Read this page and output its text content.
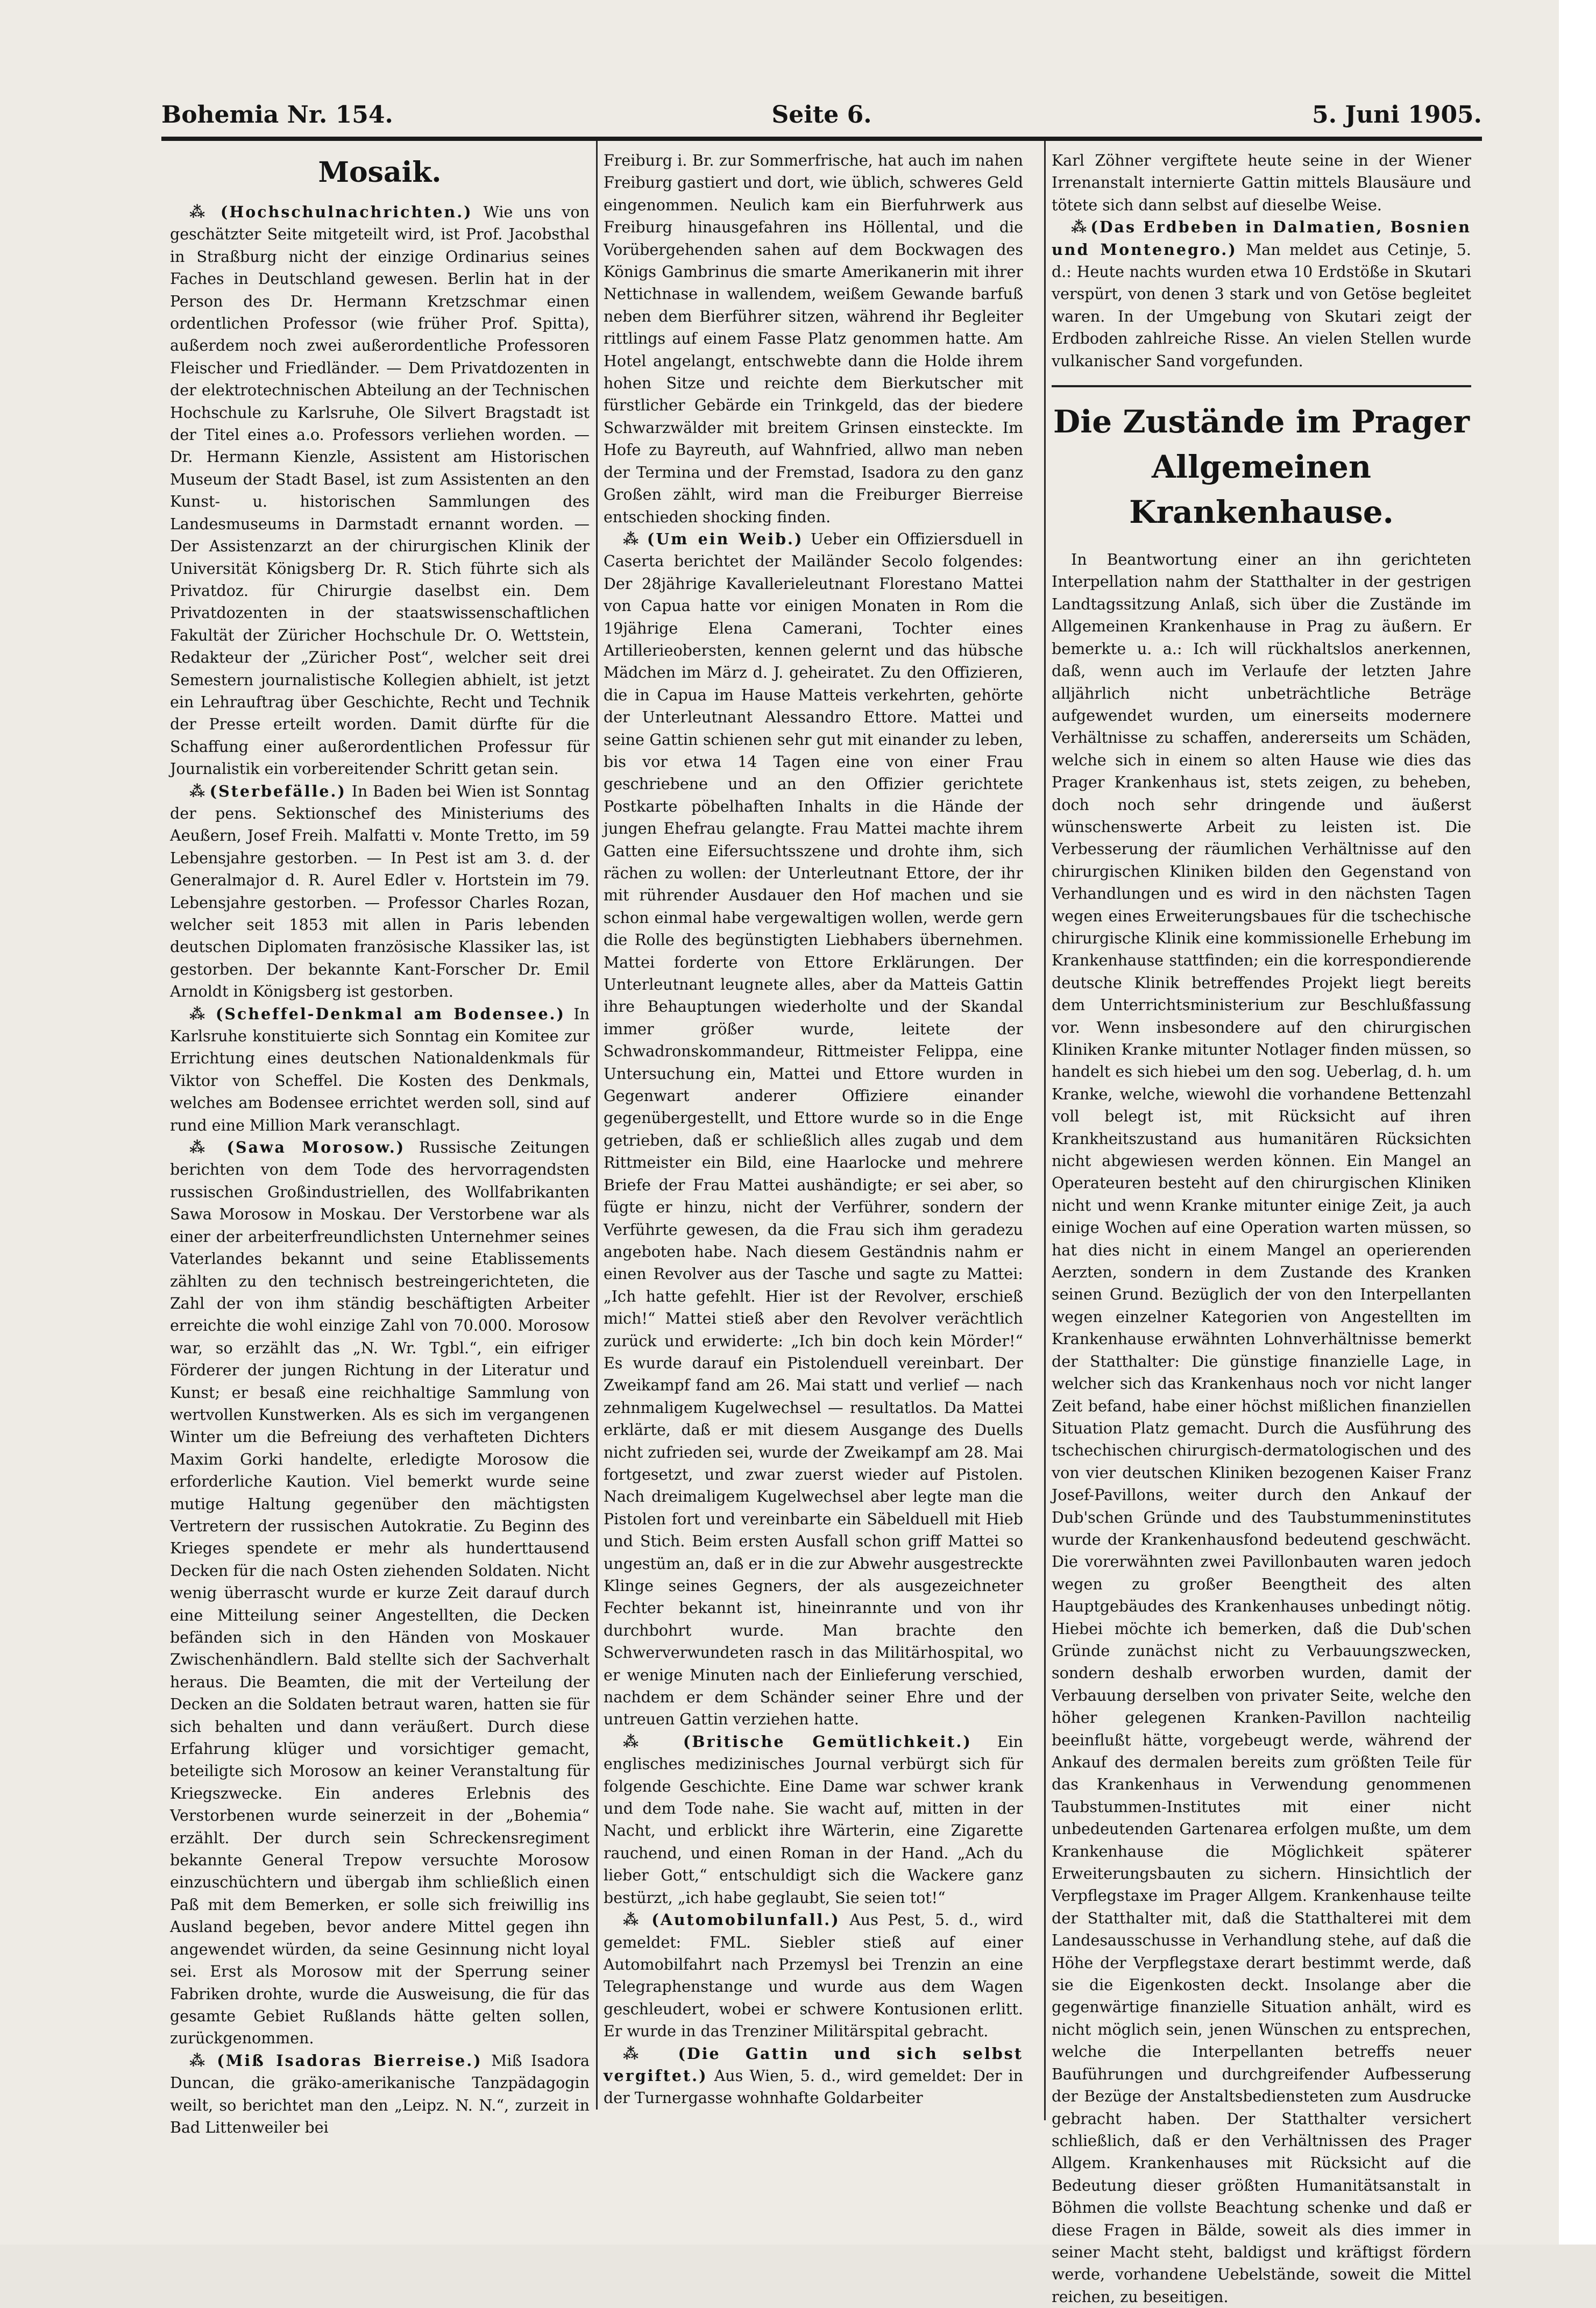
Bohemia Nr. 154.	Seite 6.	5. Juni 1905.
Mosaik.

⁂ (Hochschulnachrichten.) Wie uns von geschätzter Seite mitgeteilt wird, ist Prof. Jacobsthal in Straßburg nicht der einzige Ordinarius seines Faches in Deutschland gewesen. Berlin hat in der Person des Dr. Hermann Kretzschmar einen ordentlichen Professor (wie früher Prof. Spitta), außerdem noch zwei außerordentliche Professoren Fleischer und Friedländer. — Dem Privatdozenten in der elektrotechnischen Abteilung an der Technischen Hochschule zu Karlsruhe, Ole Silvert Bragstadt ist der Titel eines a.o. Professors verliehen worden. — Dr. Hermann Kienzle, Assistent am Historischen Museum der Stadt Basel, ist zum Assistenten an den Kunst- u. historischen Sammlungen des Landesmuseums in Darmstadt ernannt worden. — Der Assistenzarzt an der chirurgischen Klinik der Universität Königsberg Dr. R. Stich führte sich als Privatdoz. für Chirurgie daselbst ein. Dem Privatdozenten in der staatswissenschaftlichen Fakultät der Züricher Hochschule Dr. O. Wettstein, Redakteur der „Züricher Post“, welcher seit drei Semestern journalistische Kollegien abhielt, ist jetzt ein Lehrauftrag über Geschichte, Recht und Technik der Presse erteilt worden. Damit dürfte für die Schaffung einer außerordentlichen Professur für Journalistik ein vorbereitender Schritt getan sein.

⁂ (Sterbefälle.) In Baden bei Wien ist Sonntag der pens. Sektionschef des Ministeriums des Aeußern, Josef Freih. Malfatti v. Monte Tretto, im 59 Lebensjahre gestorben. — In Pest ist am 3. d. der Generalmajor d. R. Aurel Edler v. Hortstein im 79. Lebensjahre gestorben. — Professor Charles Rozan, welcher seit 1853 mit allen in Paris lebenden deutschen Diplomaten französische Klassiker las, ist gestorben. Der bekannte Kant-Forscher Dr. Emil Arnoldt in Königsberg ist gestorben.

⁂ (Scheffel-Denkmal am Bodensee.) In Karlsruhe konstituierte sich Sonntag ein Komitee zur Errichtung eines deutschen Nationaldenkmals für Viktor von Scheffel. Die Kosten des Denkmals, welches am Bodensee errichtet werden soll, sind auf rund eine Million Mark veranschlagt.

⁂ (Sawa Morosow.) Russische Zeitungen berichten von dem Tode des hervorragendsten russischen Großindustriellen, des Wollfabrikanten Sawa Morosow in Moskau. Der Verstorbene war als einer der arbeiterfreundlichsten Unternehmer seines Vaterlandes bekannt und seine Etablissements zählten zu den technisch bestreingerichteten, die Zahl der von ihm ständig beschäftigten Arbeiter erreichte die wohl einzige Zahl von 70.000. Morosow war, so erzählt das „N. Wr. Tgbl.“, ein eifriger Förderer der jungen Richtung in der Literatur und Kunst; er besaß eine reichhaltige Sammlung von wertvollen Kunstwerken. Als es sich im vergangenen Winter um die Befreiung des verhafteten Dichters Maxim Gorki handelte, erledigte Morosow die erforderliche Kaution. Viel bemerkt wurde seine mutige Haltung gegenüber den mächtigsten Vertretern der russischen Autokratie. Zu Beginn des Krieges spendete er mehr als hunderttausend Decken für die nach Osten ziehenden Soldaten. Nicht wenig überrascht wurde er kurze Zeit darauf durch eine Mitteilung seiner Angestellten, die Decken befänden sich in den Händen von Moskauer Zwischenhändlern. Bald stellte sich der Sachverhalt heraus. Die Beamten, die mit der Verteilung der Decken an die Soldaten betraut waren, hatten sie für sich behalten und dann veräußert. Durch diese Erfahrung klüger und vorsichtiger gemacht, beteiligte sich Morosow an keiner Veranstaltung für Kriegszwecke. Ein anderes Erlebnis des Verstorbenen wurde seinerzeit in der „Bohemia“ erzählt. Der durch sein Schreckensregiment bekannte General Trepow versuchte Morosow einzuschüchtern und übergab ihm schließlich einen Paß mit dem Bemerken, er solle sich freiwillig ins Ausland begeben, bevor andere Mittel gegen ihn angewendet würden, da seine Gesinnung nicht loyal sei. Erst als Morosow mit der Sperrung seiner Fabriken drohte, wurde die Ausweisung, die für das gesamte Gebiet Rußlands hätte gelten sollen, zurückgenommen.

⁂ (Miß Isadoras Bierreise.) Miß Isadora Duncan, die gräko-amerikanische Tanzpädagogin weilt, so berichtet man den „Leipz. N. N.“, zurzeit in Bad Littenweiler bei

Freiburg i. Br. zur Sommerfrische, hat auch im nahen Freiburg gastiert und dort, wie üblich, schweres Geld eingenommen. Neulich kam ein Bierfuhrwerk aus Freiburg hinausgefahren ins Höllental, und die Vorübergehenden sahen auf dem Bockwagen des Königs Gambrinus die smarte Amerikanerin mit ihrer Nettichnase in wallendem, weißem Gewande barfuß neben dem Bierführer sitzen, während ihr Begleiter rittlings auf einem Fasse Platz genommen hatte. Am Hotel angelangt, entschwebte dann die Holde ihrem hohen Sitze und reichte dem Bierkutscher mit fürstlicher Gebärde ein Trinkgeld, das der biedere Schwarzwälder mit breitem Grinsen einsteckte. Im Hofe zu Bayreuth, auf Wahnfried, allwo man neben der Termina und der Fremstad, Isadora zu den ganz Großen zählt, wird man die Freiburger Bierreise entschieden shocking finden.

⁂ (Um ein Weib.) Ueber ein Offiziersduell in Caserta berichtet der Mailänder Secolo folgendes: Der 28jährige Kavallerieleutnant Florestano Mattei von Capua hatte vor einigen Monaten in Rom die 19jährige Elena Camerani, Tochter eines Artillerieobersten, kennen gelernt und das hübsche Mädchen im März d. J. geheiratet. Zu den Offizieren, die in Capua im Hause Matteis verkehrten, gehörte der Unterleutnant Alessandro Ettore. Mattei und seine Gattin schienen sehr gut mit einander zu leben, bis vor etwa 14 Tagen eine von einer Frau geschriebene und an den Offizier gerichtete Postkarte pöbelhaften Inhalts in die Hände der jungen Ehefrau gelangte. Frau Mattei machte ihrem Gatten eine Eifersuchtsszene und drohte ihm, sich rächen zu wollen: der Unterleutnant Ettore, der ihr mit rührender Ausdauer den Hof machen und sie schon einmal habe vergewaltigen wollen, werde gern die Rolle des begünstigten Liebhabers übernehmen. Mattei forderte von Ettore Erklärungen. Der Unterleutnant leugnete alles, aber da Matteis Gattin ihre Behauptungen wiederholte und der Skandal immer größer wurde, leitete der Schwadronskommandeur, Rittmeister Felippa, eine Untersuchung ein, Mattei und Ettore wurden in Gegenwart anderer Offiziere einander gegenübergestellt, und Ettore wurde so in die Enge getrieben, daß er schließlich alles zugab und dem Rittmeister ein Bild, eine Haarlocke und mehrere Briefe der Frau Mattei aushändigte; er sei aber, so fügte er hinzu, nicht der Verführer, sondern der Verführte gewesen, da die Frau sich ihm geradezu angeboten habe. Nach diesem Geständnis nahm er einen Revolver aus der Tasche und sagte zu Mattei: „Ich hatte gefehlt. Hier ist der Revolver, erschieß mich!“ Mattei stieß aber den Revolver verächtlich zurück und erwiderte: „Ich bin doch kein Mörder!“ Es wurde darauf ein Pistolenduell vereinbart. Der Zweikampf fand am 26. Mai statt und verlief — nach zehnmaligem Kugelwechsel — resultatlos. Da Mattei erklärte, daß er mit diesem Ausgange des Duells nicht zufrieden sei, wurde der Zweikampf am 28. Mai fortgesetzt, und zwar zuerst wieder auf Pistolen. Nach dreimaligem Kugelwechsel aber legte man die Pistolen fort und vereinbarte ein Säbelduell mit Hieb und Stich. Beim ersten Ausfall schon griff Mattei so ungestüm an, daß er in die zur Abwehr ausgestreckte Klinge seines Gegners, der als ausgezeichneter Fechter bekannt ist, hineinrannte und von ihr durchbohrt wurde. Man brachte den Schwerverwundeten rasch in das Militärhospital, wo er wenige Minuten nach der Einlieferung verschied, nachdem er dem Schänder seiner Ehre und der untreuen Gattin verziehen hatte.

⁂ (Britische Gemütlichkeit.) Ein englisches medizinisches Journal verbürgt sich für folgende Geschichte. Eine Dame war schwer krank und dem Tode nahe. Sie wacht auf, mitten in der Nacht, und erblickt ihre Wärterin, eine Zigarette rauchend, und einen Roman in der Hand. „Ach du lieber Gott,“ entschuldigt sich die Wackere ganz bestürzt, „ich habe geglaubt, Sie seien tot!“

⁂ (Automobilunfall.) Aus Pest, 5. d., wird gemeldet: FML. Siebler stieß auf einer Automobilfahrt nach Przemysl bei Trenzin an eine Telegraphenstange und wurde aus dem Wagen geschleudert, wobei er schwere Kontusionen erlitt. Er wurde in das Trenziner Militärspital gebracht.

⁂ (Die Gattin und sich selbst vergiftet.) Aus Wien, 5. d., wird gemeldet: Der in der Turnergasse wohnhafte Goldarbeiter

Karl Zöhner vergiftete heute seine in der Wiener Irrenanstalt internierte Gattin mittels Blausäure und tötete sich dann selbst auf dieselbe Weise.

⁂ (Das Erdbeben in Dalmatien, Bosnien und Montenegro.) Man meldet aus Cetinje, 5. d.: Heute nachts wurden etwa 10 Erdstöße in Skutari verspürt, von denen 3 stark und von Getöse begleitet waren. In der Umgebung von Skutari zeigt der Erdboden zahlreiche Risse. An vielen Stellen wurde vulkanischer Sand vorgefunden.

Die Zustände im Prager Allgemeinen Krankenhause.

In Beantwortung einer an ihn gerichteten Interpellation nahm der Statthalter in der gestrigen Landtagssitzung Anlaß, sich über die Zustände im Allgemeinen Krankenhause in Prag zu äußern. Er bemerkte u. a.: Ich will rückhaltslos anerkennen, daß, wenn auch im Verlaufe der letzten Jahre alljährlich nicht unbeträchtliche Beträge aufgewendet wurden, um einerseits modernere Verhältnisse zu schaffen, andererseits um Schäden, welche sich in einem so alten Hause wie dies das Prager Krankenhaus ist, stets zeigen, zu beheben, doch noch sehr dringende und äußerst wünschenswerte Arbeit zu leisten ist. Die Verbesserung der räumlichen Verhältnisse auf den chirurgischen Kliniken bilden den Gegenstand von Verhandlungen und es wird in den nächsten Tagen wegen eines Erweiterungsbaues für die tschechische chirurgische Klinik eine kommissionelle Erhebung im Krankenhause stattfinden; ein die korrespondierende deutsche Klinik betreffendes Projekt liegt bereits dem Unterrichtsministerium zur Beschlußfassung vor. Wenn insbesondere auf den chirurgischen Kliniken Kranke mitunter Notlager finden müssen, so handelt es sich hiebei um den sog. Ueberlag, d. h. um Kranke, welche, wiewohl die vorhandene Bettenzahl voll belegt ist, mit Rücksicht auf ihren Krankheitszustand aus humanitären Rücksichten nicht abgewiesen werden können. Ein Mangel an Operateuren besteht auf den chirurgischen Kliniken nicht und wenn Kranke mitunter einige Zeit, ja auch einige Wochen auf eine Operation warten müssen, so hat dies nicht in einem Mangel an operierenden Aerzten, sondern in dem Zustande des Kranken seinen Grund. Bezüglich der von den Interpellanten wegen einzelner Kategorien von Angestellten im Krankenhause erwähnten Lohnverhältnisse bemerkt der Statthalter: Die günstige finanzielle Lage, in welcher sich das Krankenhaus noch vor nicht langer Zeit befand, habe einer höchst mißlichen finanziellen Situation Platz gemacht. Durch die Ausführung des tschechischen chirurgisch-dermatologischen und des von vier deutschen Kliniken bezogenen Kaiser Franz Josef-Pavillons, weiter durch den Ankauf der Dub'schen Gründe und des Taubstummeninstitutes wurde der Krankenhausfond bedeutend geschwächt. Die vorerwähnten zwei Pavillonbauten waren jedoch wegen zu großer Beengtheit des alten Hauptgebäudes des Krankenhauses unbedingt nötig. Hiebei möchte ich bemerken, daß die Dub'schen Gründe zunächst nicht zu Verbauungszwecken, sondern deshalb erworben wurden, damit der Verbauung derselben von privater Seite, welche den höher gelegenen Kranken-Pavillon nachteilig beeinflußt hätte, vorgebeugt werde, während der Ankauf des dermalen bereits zum größten Teile für das Krankenhaus in Verwendung genommenen Taubstummen-Institutes mit einer nicht unbedeutenden Gartenarea erfolgen mußte, um dem Krankenhause die Möglichkeit späterer Erweiterungsbauten zu sichern. Hinsichtlich der Verpflegstaxe im Prager Allgem. Krankenhause teilte der Statthalter mit, daß die Statthalterei mit dem Landesausschusse in Verhandlung stehe, auf daß die Höhe der Verpflegstaxe derart bestimmt werde, daß sie die Eigenkosten deckt. Insolange aber die gegenwärtige finanzielle Situation anhält, wird es nicht möglich sein, jenen Wünschen zu entsprechen, welche die Interpellanten betreffs neuer Bauführungen und durchgreifender Aufbesserung der Bezüge der Anstaltsbediensteten zum Ausdrucke gebracht haben. Der Statthalter versichert schließlich, daß er den Verhältnissen des Prager Allgem. Krankenhauses mit Rücksicht auf die Bedeutung dieser größten Humanitätsanstalt in Böhmen die vollste Beachtung schenke und daß er diese Fragen in Bälde, soweit als dies immer in seiner Macht steht, baldigst und kräftigst fördern werde, vorhandene Uebelstände, soweit die Mittel reichen, zu beseitigen.
